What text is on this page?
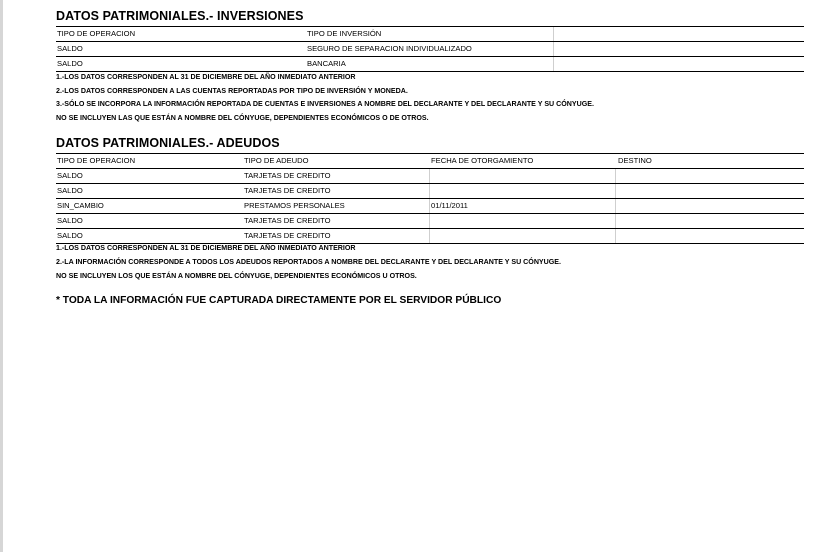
DATOS PATRIMONIALES.- INVERSIONES
TIPO DE OPERACION	TIPO DE INVERSIÓN
SALDO	SEGURO DE SEPARACION INDIVIDUALIZADO
SALDO	BANCARIA
1.-LOS DATOS CORRESPONDEN AL 31 DE DICIEMBRE DEL AÑO INMEDIATO ANTERIOR
2.-LOS DATOS CORRESPONDEN A LAS CUENTAS REPORTADAS POR TIPO DE INVERSIÓN Y MONEDA.
3.-SÓLO SE INCORPORA LA INFORMACIÓN REPORTADA DE CUENTAS E INVERSIONES A NOMBRE DEL DECLARANTE Y DEL DECLARANTE Y SU CÓNYUGE.
NO SE INCLUYEN LAS QUE ESTÁN A NOMBRE DEL CÓNYUGE, DEPENDIENTES ECONÓMICOS O DE OTROS.
DATOS PATRIMONIALES.- ADEUDOS
TIPO DE OPERACION	TIPO DE ADEUDO	FECHA DE OTORGAMIENTO	DESTINO
SALDO	TARJETAS DE CREDITO
SALDO	TARJETAS DE CREDITO
SIN_CAMBIO	PRESTAMOS PERSONALES	01/11/2011
SALDO	TARJETAS DE CREDITO
SALDO	TARJETAS DE CREDITO
1.-LOS DATOS CORRESPONDEN AL 31 DE DICIEMBRE DEL AÑO INMEDIATO ANTERIOR
2.-LA INFORMACIÓN CORRESPONDE A TODOS LOS ADEUDOS REPORTADOS A NOMBRE DEL DECLARANTE Y DEL DECLARANTE Y SU CÓNYUGE.
NO SE INCLUYEN LOS QUE ESTÁN A NOMBRE DEL CÓNYUGE, DEPENDIENTES ECONÓMICOS U OTROS.
* TODA LA INFORMACIÓN FUE CAPTURADA DIRECTAMENTE POR EL SERVIDOR PÚBLICO
